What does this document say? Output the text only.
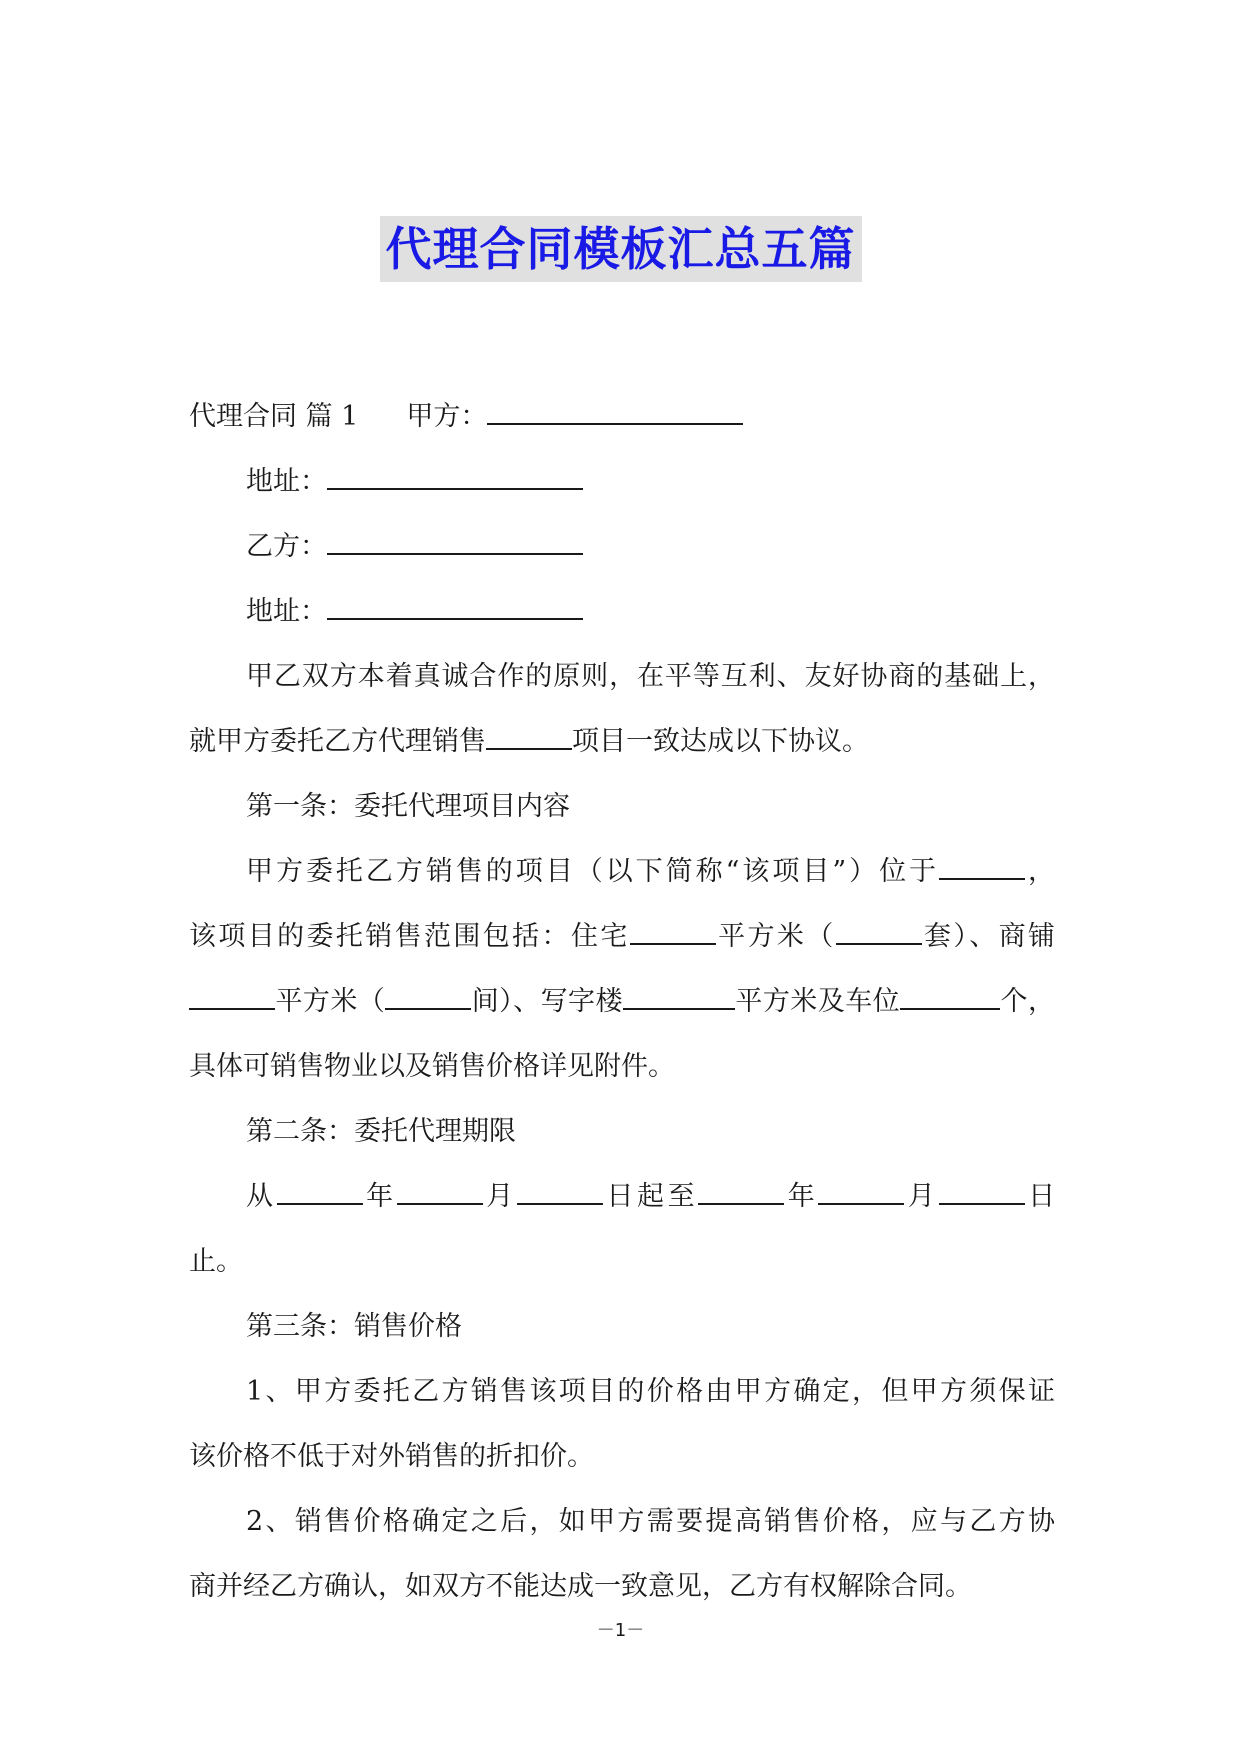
代理合同模板汇总五篇
代理合同 篇 1 甲方：
地址：
乙方：
地址：
甲乙双方本着真诚合作的原则，在平等互利、友好协商的基础上，
就甲方委托乙方代理销售	项目一致达成以下协议。
第一条：委托代理项目内容
甲方委托乙方销售的项目（以下简称“该项目”）位于	，
该项目的委托销售范围包括：住宅	平方米（	套）、商铺
平方米（	间）、写字楼	平方米及车位	个，
具体可销售物业以及销售价格详见附件。
第二条：委托代理期限
从	年	月	日起至	年	月	日
止。
第三条：销售价格
1、甲方委托乙方销售该项目的价格由甲方确定，但甲方须保证
该价格不低于对外销售的折扣价。
2、销售价格确定之后，如甲方需要提高销售价格，应与乙方协
商并经乙方确认，如双方不能达成一致意见，乙方有权解除合同。
－1－
